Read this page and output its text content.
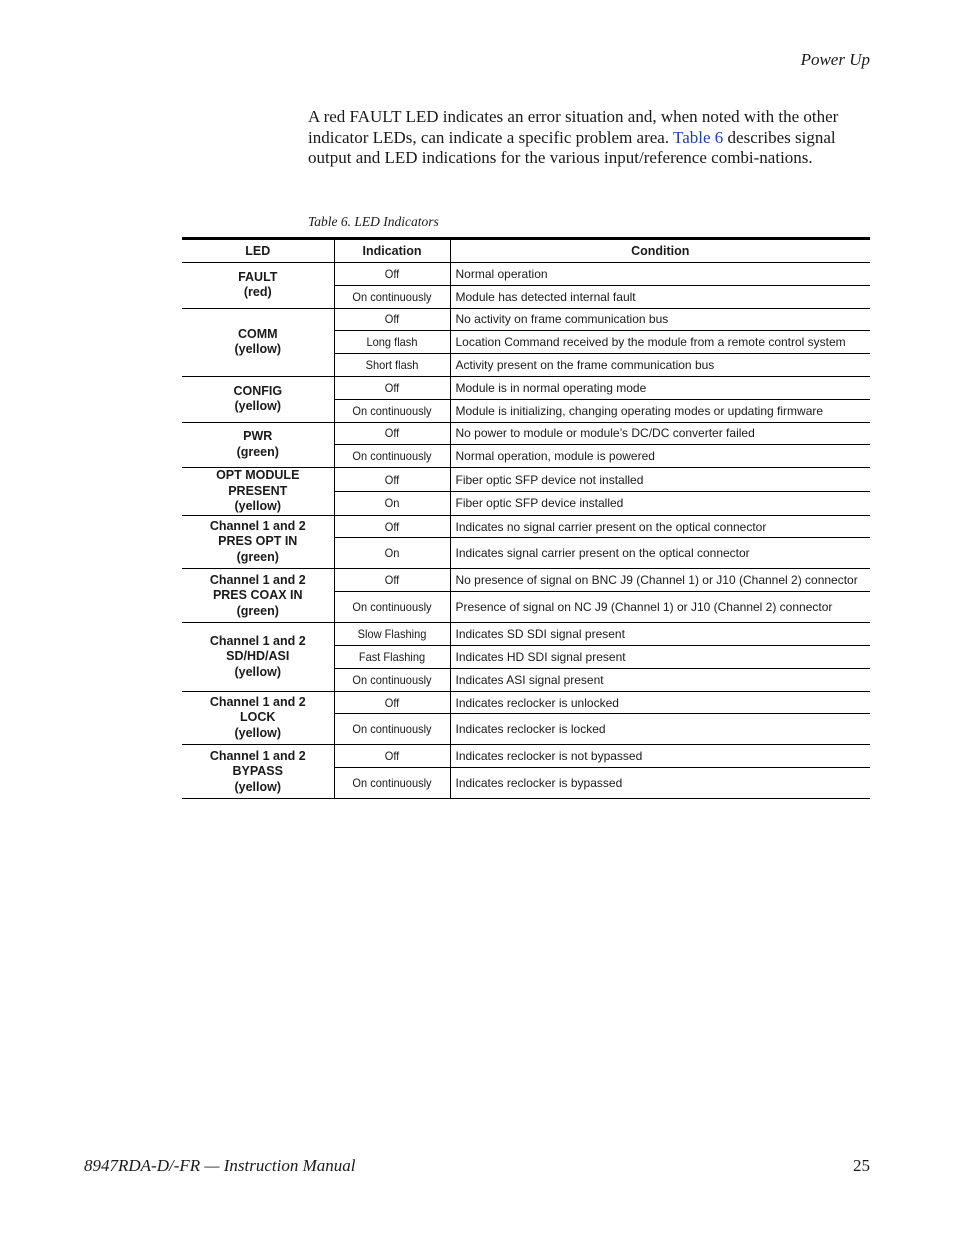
Power Up

A red FAULT LED indicates an error situation and, when noted with the other indicator LEDs, can indicate a specific problem area. Table 6 describes signal output and LED indications for the various input/reference combi-nations.

Table 6. LED Indicators
LED	Indication	Condition

FAULT
(red)	Off	Normal operation
	On continuously	Module has detected internal fault

COMM
(yellow)	Off	No activity on frame communication bus
	Long flash	Location Command received by the module from a remote control system
	Short flash	Activity present on the frame communication bus

CONFIG
(yellow)	Off	Module is in normal operating mode
	On continuously	Module is initializing, changing operating modes or updating firmware

PWR
(green)	Off	No power to module or module’s DC/DC converter failed
	On continuously	Normal operation, module is powered

OPT MODULE PRESENT
(yellow)	Off	Fiber optic SFP device not installed
	On	Fiber optic SFP device installed

Channel 1 and 2
PRES OPT IN
(green)	Off	Indicates no signal carrier present on the optical connector
	On	Indicates signal carrier present on the optical connector

Channel 1 and 2
PRES COAX IN
(green)	Off	No presence of signal on BNC J9 (Channel 1) or J10 (Channel 2) connector
	On continuously	Presence of signal on NC J9 (Channel 1) or J10 (Channel 2) connector

Channel 1 and 2
SD/HD/ASI
(yellow)	Slow Flashing	Indicates SD SDI signal present
	Fast Flashing	Indicates HD SDI signal present
	On continuously	Indicates ASI signal present

Channel 1 and 2
LOCK
(yellow)	Off	Indicates reclocker is unlocked
	On continuously	Indicates reclocker is locked

Channel 1 and 2
BYPASS
(yellow)	Off	Indicates reclocker is not bypassed
	On continuously	Indicates reclocker is bypassed
8947RDA-D/-FR — Instruction Manual	25
